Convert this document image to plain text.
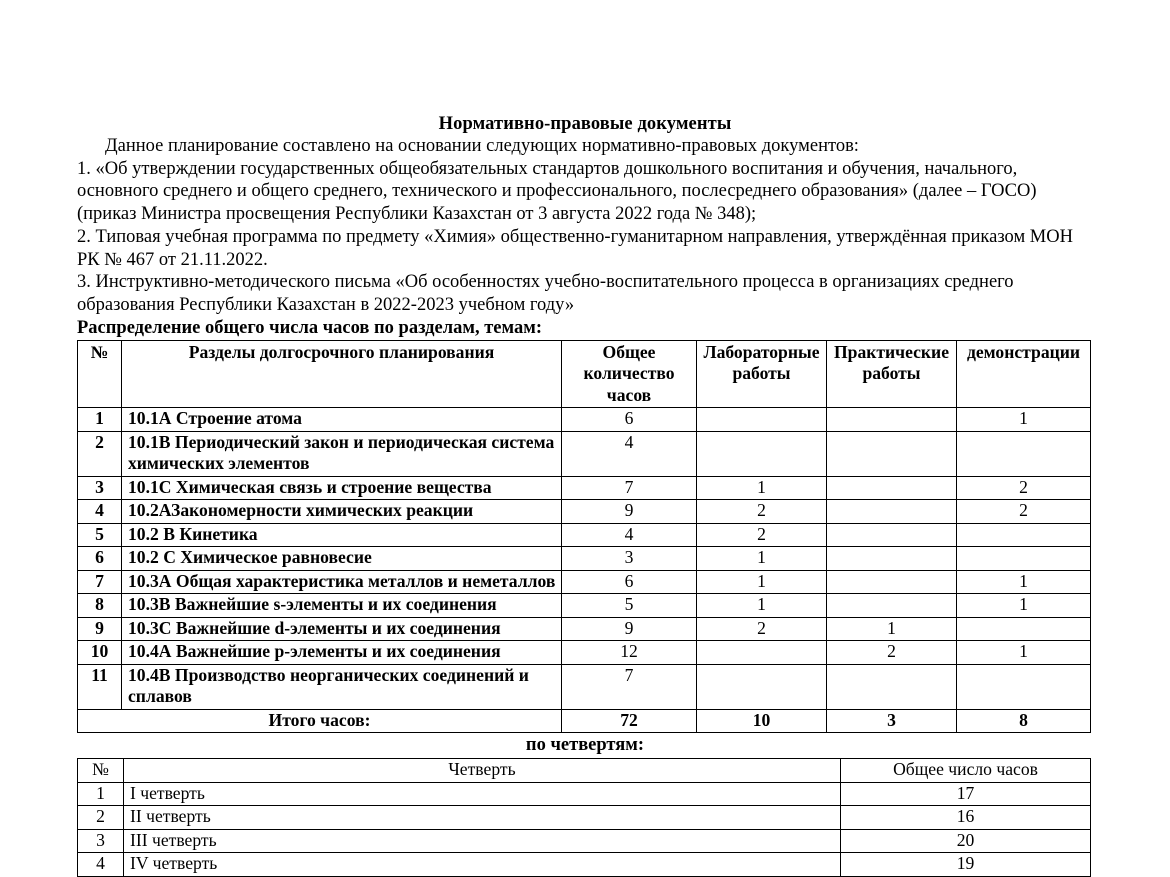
Нормативно-правовые документы
Данное планирование составлено на основании следующих нормативно-правовых документов:

1. «Об утверждении государственных общеобязательных стандартов дошкольного воспитания и обучения, начального, основного среднего и общего среднего, технического и профессионального, послесреднего образования» (далее – ГОСО) (приказ Министра просвещения Республики Казахстан от 3 августа 2022 года № 348);

2. Типовая учебная программа по предмету «Химия» общественно-гуманитарном направления, утверждённая приказом МОН РК № 467 от 21.11.2022.

3. Инструктивно-методического письма «Об особенностях учебно-воспитательного процесса в организациях среднего образования Республики Казахстан в 2022-2023 учебном году»

Распределение общего числа часов по разделам, темам:
№	Разделы долгосрочного планирования	Общее количество часов	Лабораторные работы	Практические работы	демонстрации
1	10.1А Строение атома	6			1
2	10.1В Периодический закон и периодическая система химических элементов	4			
3	10.1С Химическая связь и строение вещества	7	1		2
4	10.2АЗакономерности химических реакции	9	2		2
5	10.2 В Кинетика	4	2		
6	10.2 С Химическое равновесие	3	1		
7	10.3А Общая характеристика металлов и неметаллов	6	1		1
8	10.3В Важнейшие s-элементы и их соединения	5	1		1
9	10.3С Важнейшие d-элементы и их соединения	9	2	1	
10	10.4А Важнейшие р-элементы и их соединения	12		2	1
11	10.4В Производство неорганических соединений и сплавов	7			
Итого часов:		72	10	3	8
по четвертям:
№	Четверть	Общее число часов
1	I четверть	17
2	II четверть	16
3	III четверть	20
4	IV четверть	19
